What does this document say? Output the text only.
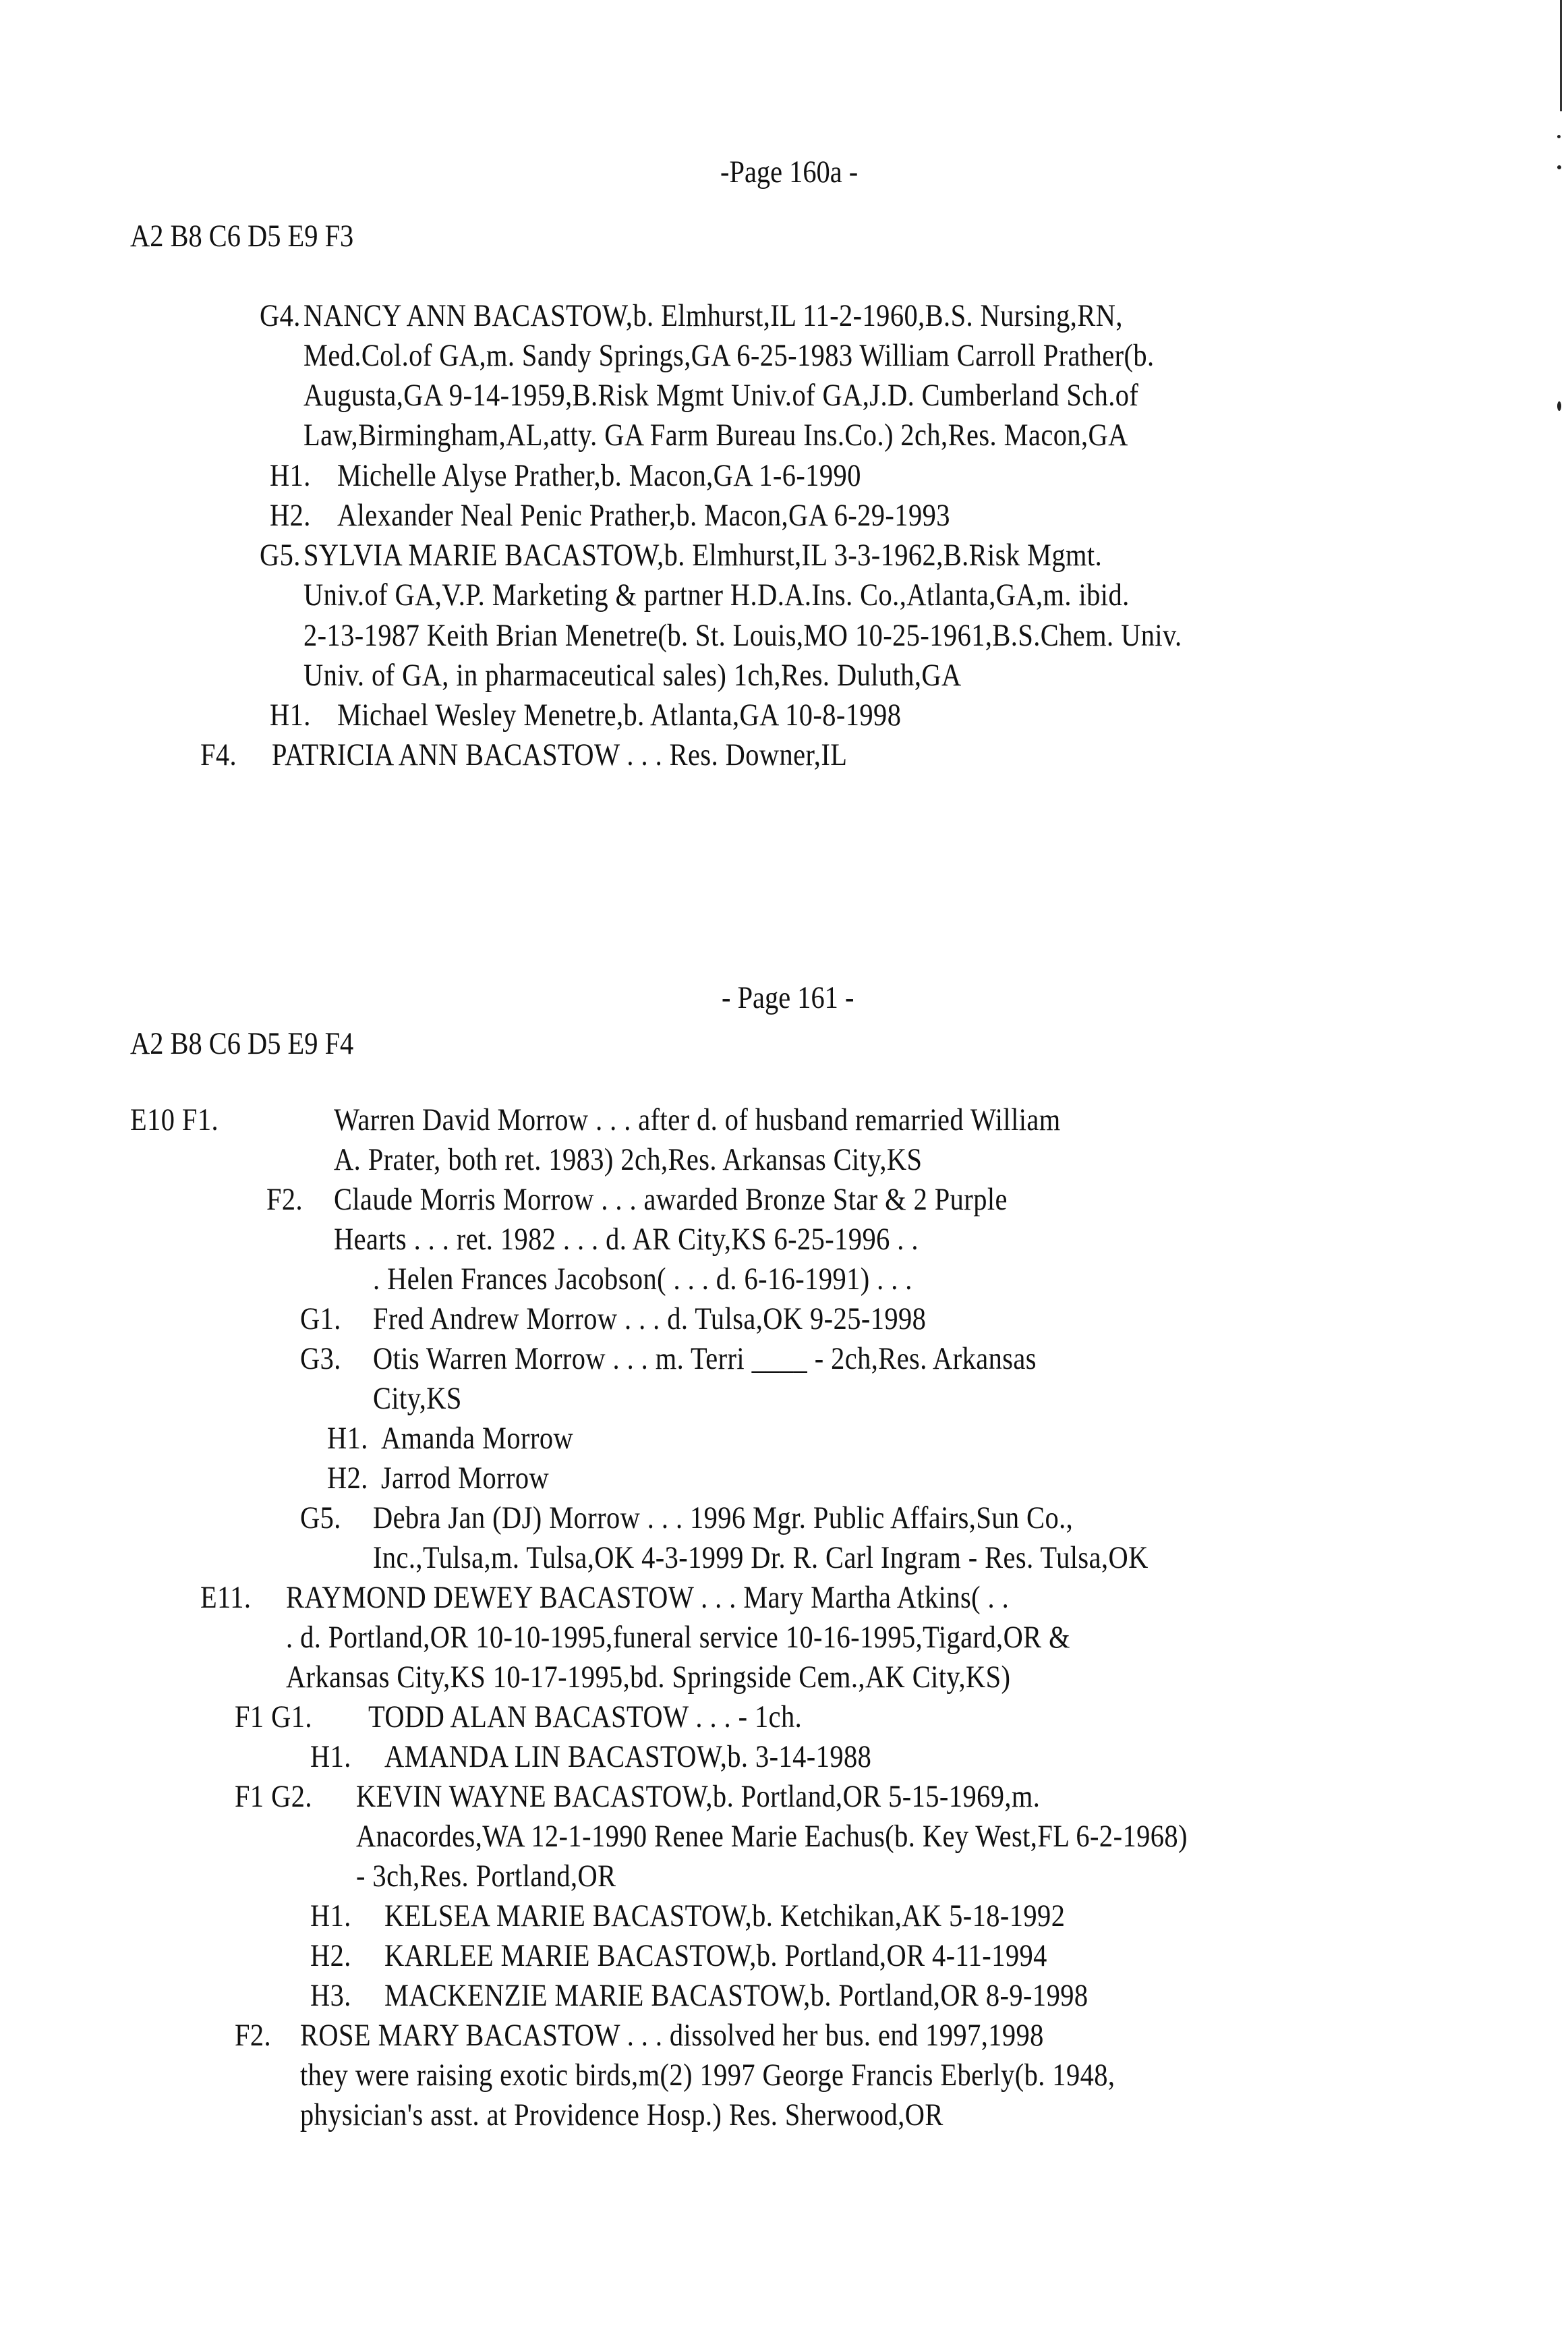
-Page 160a -
A2 B8 C6 D5 E9 F3
G4. NANCY ANN BACASTOW,b. Elmhurst,IL 11-2-1960,B.S. Nursing,RN,
Med.Col.of GA,m. Sandy Springs,GA 6-25-1983 William Carroll Prather(b.
Augusta,GA 9-14-1959,B.Risk Mgmt Univ.of GA,J.D. Cumberland Sch.of
Law,Birmingham,AL,atty. GA Farm Bureau Ins.Co.) 2ch,Res. Macon,GA
H1. Michelle Alyse Prather,b. Macon,GA 1-6-1990
H2. Alexander Neal Penic Prather,b. Macon,GA 6-29-1993
G5. SYLVIA MARIE BACASTOW,b. Elmhurst,IL 3-3-1962,B.Risk Mgmt.
Univ.of GA,V.P. Marketing & partner H.D.A.Ins. Co.,Atlanta,GA,m. ibid.
2-13-1987 Keith Brian Menetre(b. St. Louis,MO 10-25-1961,B.S.Chem. Univ.
Univ. of GA, in pharmaceutical sales) 1ch,Res. Duluth,GA
H1. Michael Wesley Menetre,b. Atlanta,GA 10-8-1998
F4. PATRICIA ANN BACASTOW . . . Res. Downer,IL
- Page 161 -
A2 B8 C6 D5 E9 F4
E10 F1.	Warren David Morrow . . . after d. of husband remarried William
A. Prater, both ret. 1983) 2ch,Res. Arkansas City,KS
F2. Claude Morris Morrow . . . awarded Bronze Star & 2 Purple
Hearts . . . ret. 1982 . . . d. AR City,KS 6-25-1996 . .
. Helen Frances Jacobson( . . . d. 6-16-1991) . . .
G1. Fred Andrew Morrow . . . d. Tulsa,OK 9-25-1998
G3. Otis Warren Morrow . . . m. Terri ____ - 2ch,Res. Arkansas
City,KS
H1. Amanda Morrow
H2. Jarrod Morrow
G5. Debra Jan (DJ) Morrow . . . 1996 Mgr. Public Affairs,Sun Co.,
Inc.,Tulsa,m. Tulsa,OK 4-3-1999 Dr. R. Carl Ingram - Res. Tulsa,OK
E11. RAYMOND DEWEY BACASTOW . . . Mary Martha Atkins( . .
. d. Portland,OR 10-10-1995,funeral service 10-16-1995,Tigard,OR &
Arkansas City,KS 10-17-1995,bd. Springside Cem.,AK City,KS)
F1 G1. TODD ALAN BACASTOW . . . - 1ch.
H1. AMANDA LIN BACASTOW,b. 3-14-1988
F1 G2. KEVIN WAYNE BACASTOW,b. Portland,OR 5-15-1969,m.
Anacordes,WA 12-1-1990 Renee Marie Eachus(b. Key West,FL 6-2-1968)
- 3ch,Res. Portland,OR
H1. KELSEA MARIE BACASTOW,b. Ketchikan,AK 5-18-1992
H2. KARLEE MARIE BACASTOW,b. Portland,OR 4-11-1994
H3. MACKENZIE MARIE BACASTOW,b. Portland,OR 8-9-1998
F2. ROSE MARY BACASTOW . . . dissolved her bus. end 1997,1998
they were raising exotic birds,m(2) 1997 George Francis Eberly(b. 1948,
physician's asst. at Providence Hosp.) Res. Sherwood,OR
